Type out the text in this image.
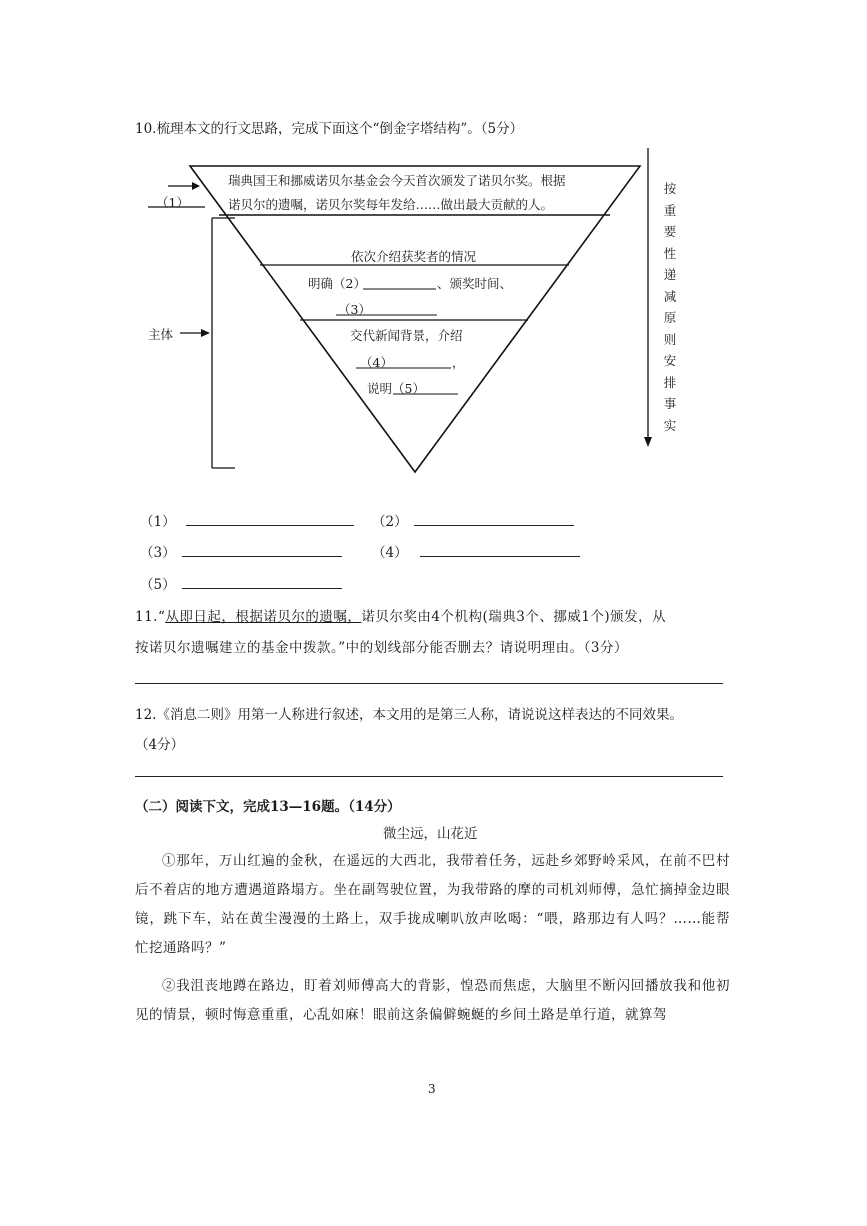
10.梳理本文的行文思路，完成下面这个“倒金字塔结构”。（5分）
瑞典国王和挪威诺贝尔基金会今天首次颁发了诺贝尔奖。根据
诺贝尔的遗嘱，诺贝尔奖每年发给……做出最大贡献的人。
（1）
主体
依次介绍获奖者的情况
明确（2）	、颁奖时间、
（3）
交代新闻背景，介绍
（4）	，
说明（5）
按
重
要
性
递
减
原
则
安
排
事
实
（1）	（2）
（3）	（4）
（5）
11.“从即日起，根据诺贝尔的遗嘱，诺贝尔奖由4个机构(瑞典3个、挪威1个)颁发，从
按诺贝尔遗嘱建立的基金中拨款。”中的划线部分能否删去？请说明理由。（3分）
12.《消息二则》用第一人称进行叙述，本文用的是第三人称，请说说这样表达的不同效果。
（4分）
（二）阅读下文，完成13—16题。（14分）
微尘远，山花近
①那年，万山红遍的金秋，在遥远的大西北，我带着任务，远赴乡郊野岭采风，在前不巴村后不着店的地方遭遇道路塌方。坐在副驾驶位置，为我带路的摩的司机刘师傅，急忙摘掉金边眼镜，跳下车，站在黄尘漫漫的土路上，双手拢成喇叭放声吆喝：“喂，路那边有人吗？……能帮忙挖通路吗？”
②我沮丧地蹲在路边，盯着刘师傅高大的背影，惶恐而焦虑，大脑里不断闪回播放我和他初见的情景，顿时悔意重重，心乱如麻！眼前这条偏僻蜿蜒的乡间土路是单行道，就算驾
3
